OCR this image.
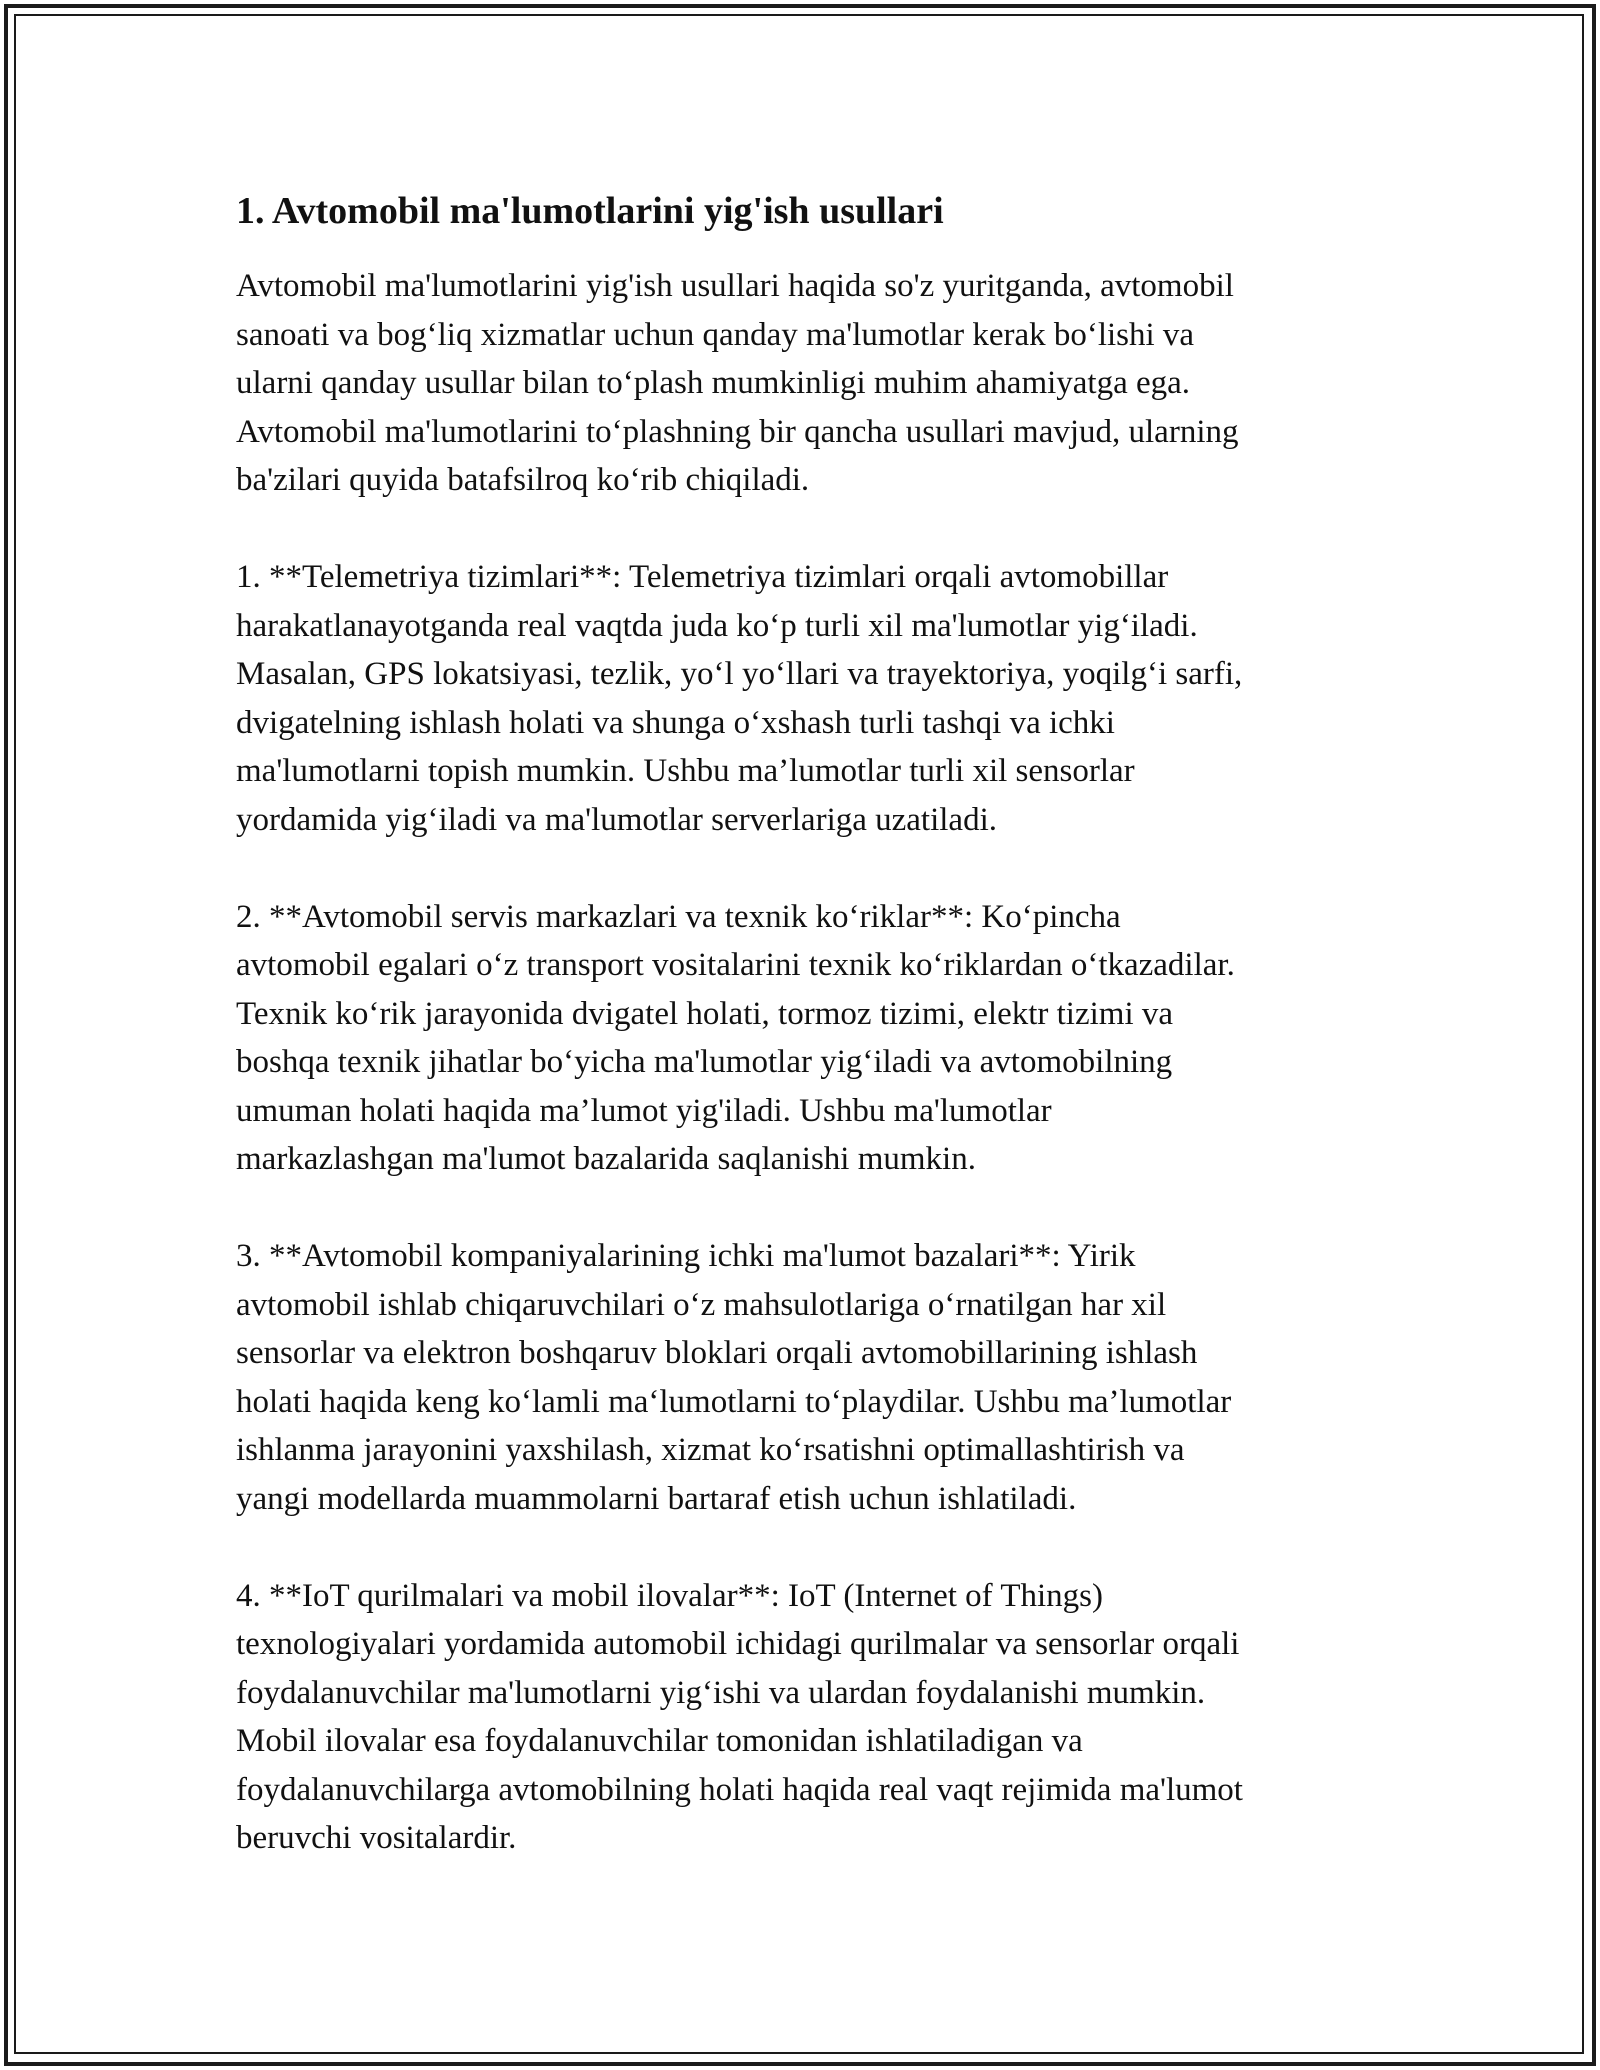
1. Avtomobil ma'lumotlarini yig'ish usullari
Avtomobil ma'lumotlarini yig'ish usullari haqida so'z yuritganda, avtomobil
sanoati va bog‘liq xizmatlar uchun qanday ma'lumotlar kerak bo‘lishi va
ularni qanday usullar bilan to‘plash mumkinligi muhim ahamiyatga ega.
Avtomobil ma'lumotlarini to‘plashning bir qancha usullari mavjud, ularning
ba'zilari quyida batafsilroq ko‘rib chiqiladi.
1. **Telemetriya tizimlari**: Telemetriya tizimlari orqali avtomobillar
harakatlanayotganda real vaqtda juda ko‘p turli xil ma'lumotlar yig‘iladi.
Masalan, GPS lokatsiyasi, tezlik, yo‘l yo‘llari va trayektoriya, yoqilg‘i sarfi,
dvigatelning ishlash holati va shunga o‘xshash turli tashqi va ichki
ma'lumotlarni topish mumkin. Ushbu ma’lumotlar turli xil sensorlar
yordamida yig‘iladi va ma'lumotlar serverlariga uzatiladi.
2. **Avtomobil servis markazlari va texnik ko‘riklar**: Ko‘pincha
avtomobil egalari o‘z transport vositalarini texnik ko‘riklardan o‘tkazadilar.
Texnik ko‘rik jarayonida dvigatel holati, tormoz tizimi, elektr tizimi va
boshqa texnik jihatlar bo‘yicha ma'lumotlar yig‘iladi va avtomobilning
umuman holati haqida ma’lumot yig'iladi. Ushbu ma'lumotlar
markazlashgan ma'lumot bazalarida saqlanishi mumkin.
3. **Avtomobil kompaniyalarining ichki ma'lumot bazalari**: Yirik
avtomobil ishlab chiqaruvchilari o‘z mahsulotlariga o‘rnatilgan har xil
sensorlar va elektron boshqaruv bloklari orqali avtomobillarining ishlash
holati haqida keng ko‘lamli ma‘lumotlarni to‘playdilar. Ushbu ma’lumotlar
ishlanma jarayonini yaxshilash, xizmat ko‘rsatishni optimallashtirish va
yangi modellarda muammolarni bartaraf etish uchun ishlatiladi.
4. **IoT qurilmalari va mobil ilovalar**: IoT (Internet of Things)
texnologiyalari yordamida automobil ichidagi qurilmalar va sensorlar orqali
foydalanuvchilar ma'lumotlarni yig‘ishi va ulardan foydalanishi mumkin.
Mobil ilovalar esa foydalanuvchilar tomonidan ishlatiladigan va
foydalanuvchilarga avtomobilning holati haqida real vaqt rejimida ma'lumot
beruvchi vositalardir.
